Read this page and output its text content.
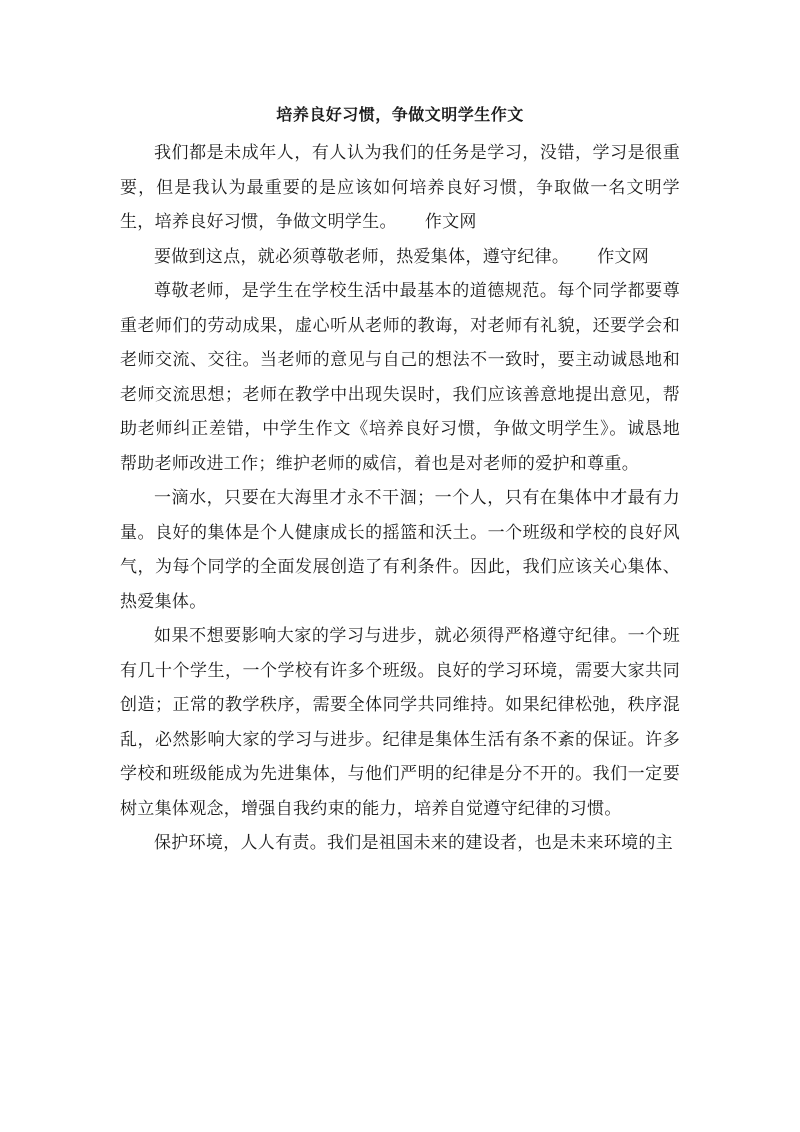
培养良好习惯，争做文明学生作文

我们都是未成年人，有人认为我们的任务是学习，没错，学习是很重要，但是我认为最重要的是应该如何培养良好习惯，争取做一名文明学生，培养良好习惯，争做文明学生。 作文网

要做到这点，就必须尊敬老师，热爱集体，遵守纪律。 作文网

尊敬老师，是学生在学校生活中最基本的道德规范。每个同学都要尊重老师们的劳动成果，虚心听从老师的教诲，对老师有礼貌，还要学会和老师交流、交往。当老师的意见与自己的想法不一致时，要主动诚恳地和老师交流思想；老师在教学中出现失误时，我们应该善意地提出意见，帮助老师纠正差错，中学生作文《培养良好习惯，争做文明学生》。诚恳地帮助老师改进工作；维护老师的威信，着也是对老师的爱护和尊重。

一滴水，只要在大海里才永不干涸；一个人，只有在集体中才最有力量。良好的集体是个人健康成长的摇篮和沃土。一个班级和学校的良好风气，为每个同学的全面发展创造了有利条件。因此，我们应该关心集体、热爱集体。

如果不想要影响大家的学习与进步，就必须得严格遵守纪律。一个班有几十个学生，一个学校有许多个班级。良好的学习环境，需要大家共同创造；正常的教学秩序，需要全体同学共同维持。如果纪律松弛，秩序混乱，必然影响大家的学习与进步。纪律是集体生活有条不紊的保证。许多学校和班级能成为先进集体，与他们严明的纪律是分不开的。我们一定要树立集体观念，增强自我约束的能力，培养自觉遵守纪律的习惯。

保护环境，人人有责。我们是祖国未来的建设者，也是未来环境的主
